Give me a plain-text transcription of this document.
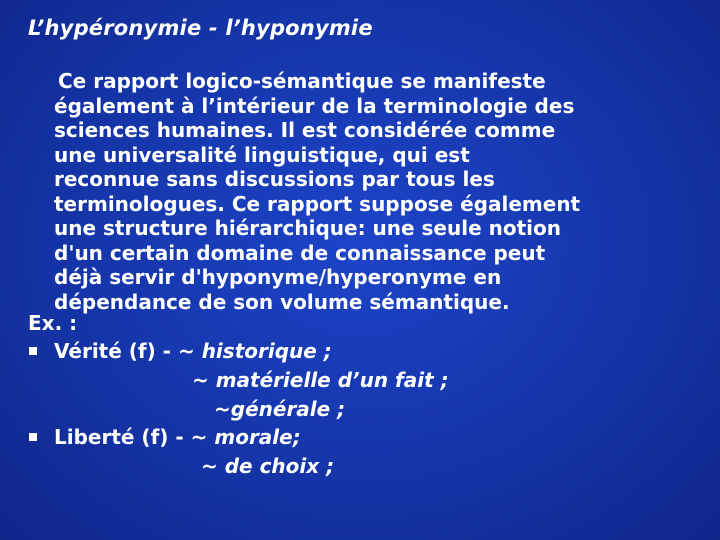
L’hypéronymie - l’hyponymie

Ce rapport logico-sémantique se manifeste
également à l’intérieur de la terminologie des
sciences humaines. Il est considérée comme
une universalité linguistique, qui est
reconnue sans discussions par tous les
terminologues. Ce rapport suppose également
une structure hiérarchique: une seule notion
d'un certain domaine de connaissance peut
déjà servir d'hyponyme/hyperonyme en
dépendance de son volume sémantique.

Ex. :
Vérité (f) - ~ historique ;
~ matérielle d’un fait ;
~générale ;
Liberté (f) - ~ morale;
~ de choix ;
